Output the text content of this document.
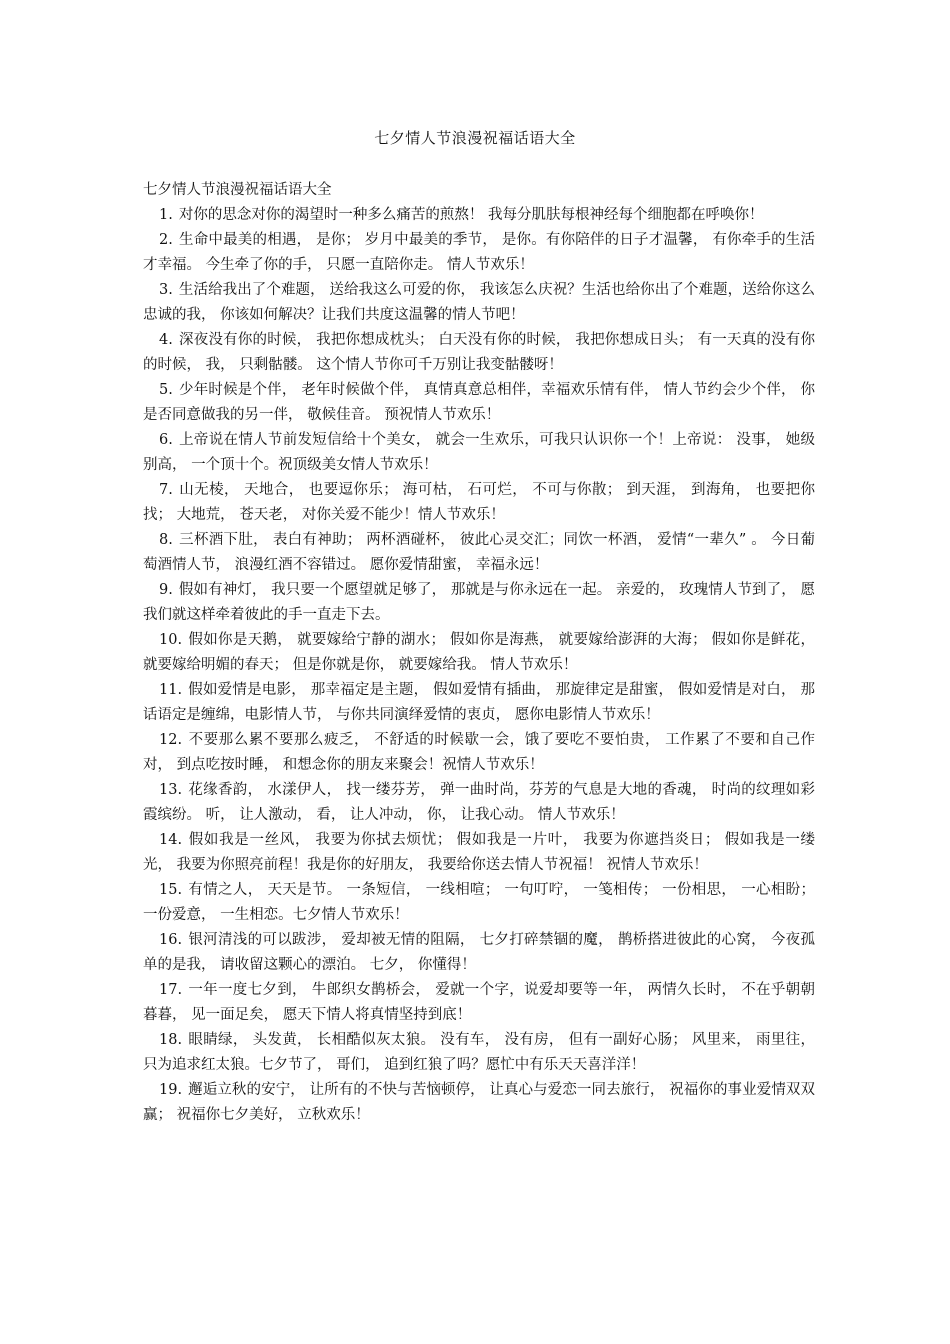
七夕情人节浪漫祝福话语大全

七夕情人节浪漫祝福话语大全

1. 对你的思念对你的渴望时一种多么痛苦的煎熬！ 我每分肌肤每根神经每个细胞都在呼唤你！

2. 生命中最美的相遇， 是你； 岁月中最美的季节， 是你。有你陪伴的日子才温馨， 有你牵手的生活才幸福。 今生牵了你的手， 只愿一直陪你走。 情人节欢乐！

3. 生活给我出了个难题， 送给我这么可爱的你， 我该怎么庆祝？生活也给你出了个难题，送给你这么忠诚的我， 你该如何解决？让我们共度这温馨的情人节吧！

4. 深夜没有你的时候， 我把你想成枕头； 白天没有你的时候， 我把你想成日头； 有一天真的没有你的时候， 我， 只剩骷髅。 这个情人节你可千万别让我变骷髅呀！

5. 少年时候是个伴， 老年时候做个伴， 真情真意总相伴，幸福欢乐情有伴， 情人节约会少个伴， 你是否同意做我的另一伴， 敬候佳音。 预祝情人节欢乐！

6. 上帝说在情人节前发短信给十个美女， 就会一生欢乐，可我只认识你一个！上帝说： 没事， 她级别高， 一个顶十个。祝顶级美女情人节欢乐！

7. 山无棱， 天地合， 也要逗你乐； 海可枯， 石可烂， 不可与你散； 到天涯， 到海角， 也要把你找； 大地荒， 苍天老， 对你关爱不能少！情人节欢乐！

8. 三杯酒下肚， 表白有神助； 两杯酒碰杯， 彼此心灵交汇；同饮一杯酒， 爱情“一辈久” 。 今日葡萄酒情人节， 浪漫红酒不容错过。 愿你爱情甜蜜， 幸福永远！

9. 假如有神灯， 我只要一个愿望就足够了， 那就是与你永远在一起。 亲爱的， 玫瑰情人节到了， 愿我们就这样牵着彼此的手一直走下去。

10. 假如你是天鹅， 就要嫁给宁静的湖水； 假如你是海燕， 就要嫁给澎湃的大海； 假如你是鲜花， 就要嫁给明媚的春天； 但是你就是你， 就要嫁给我。 情人节欢乐！

11. 假如爱情是电影， 那幸福定是主题， 假如爱情有插曲， 那旋律定是甜蜜， 假如爱情是对白， 那话语定是缠绵，电影情人节， 与你共同演绎爱情的衷贞， 愿你电影情人节欢乐！

12. 不要那么累不要那么疲乏， 不舒适的时候歇一会，饿了要吃不要怕贵， 工作累了不要和自己作对， 到点吃按时睡， 和想念你的朋友来聚会！祝情人节欢乐！

13. 花缘香韵， 水漾伊人， 找一缕芬芳， 弹一曲时尚，芬芳的气息是大地的香魂， 时尚的纹理如彩霞缤纷。 听， 让人激动， 看， 让人冲动， 你， 让我心动。 情人节欢乐！

14. 假如我是一丝风， 我要为你拭去烦忧； 假如我是一片叶， 我要为你遮挡炎日； 假如我是一缕光， 我要为你照亮前程！我是你的好朋友， 我要给你送去情人节祝福！ 祝情人节欢乐！

15. 有情之人， 天天是节。 一条短信， 一线相喧； 一句叮咛， 一笺相传； 一份相思， 一心相盼； 一份爱意， 一生相恋。七夕情人节欢乐！

16. 银河清浅的可以跋涉， 爱却被无情的阻隔， 七夕打碎禁锢的魔， 鹊桥搭进彼此的心窝， 今夜孤单的是我， 请收留这颗心的漂泊。 七夕， 你懂得！

17. 一年一度七夕到， 牛郎织女鹊桥会， 爱就一个字，说爱却要等一年， 两情久长时， 不在乎朝朝暮暮， 见一面足矣， 愿天下情人将真情坚持到底！

18. 眼睛绿， 头发黄， 长相酷似灰太狼。 没有车， 没有房， 但有一副好心肠； 风里来， 雨里往， 只为追求红太狼。七夕节了， 哥们， 追到红狼了吗？愿忙中有乐天天喜洋洋！

19. 邂逅立秋的安宁， 让所有的不快与苦恼顿停， 让真心与爱恋一同去旅行， 祝福你的事业爱情双双赢； 祝福你七夕美好， 立秋欢乐！
